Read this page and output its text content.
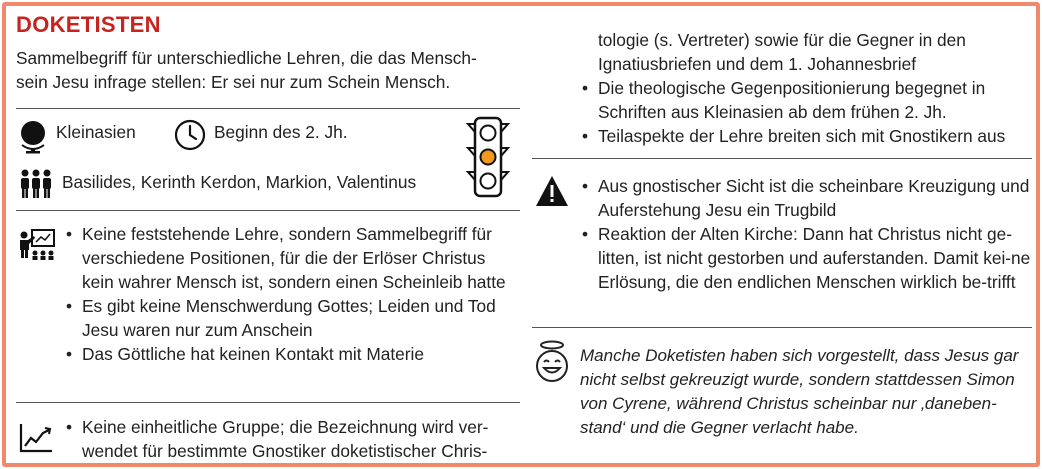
DOKETISTEN
Sammelbegriff für unterschiedliche Lehren, die das Mensch-
sein Jesu infrage stellen: Er sei nur zum Schein Mensch.
Kleinasien	Beginn des 2. Jh.
Basilides, Kerinth Kerdon, Markion, Valentinus
• Keine feststehende Lehre, sondern Sammelbegriff für verschiedene Positionen, für die der Erlöser Christus kein wahrer Mensch ist, sondern einen Scheinleib hatte
• Es gibt keine Menschwerdung Gottes; Leiden und Tod Jesu waren nur zum Anschein
• Das Göttliche hat keinen Kontakt mit Materie
• Keine einheitliche Gruppe; die Bezeichnung wird ver-wendet für bestimmte Gnostiker doketistischer Chris-
tologie (s. Vertreter) sowie für die Gegner in den Ignatiusbriefen und dem 1. Johannesbrief
• Die theologische Gegenpositionierung begegnet in Schriften aus Kleinasien ab dem frühen 2. Jh.
• Teilaspekte der Lehre breiten sich mit Gnostikern aus
• Aus gnostischer Sicht ist die scheinbare Kreuzigung und Auferstehung Jesu ein Trugbild
• Reaktion der Alten Kirche: Dann hat Christus nicht ge-litten, ist nicht gestorben und auferstanden. Damit kei-ne Erlösung, die den endlichen Menschen wirklich be-trifft
Manche Doketisten haben sich vorgestellt, dass Jesus gar nicht selbst gekreuzigt wurde, sondern stattdessen Simon von Cyrene, während Christus scheinbar nur ‚daneben-stand‘ und die Gegner verlacht habe.
